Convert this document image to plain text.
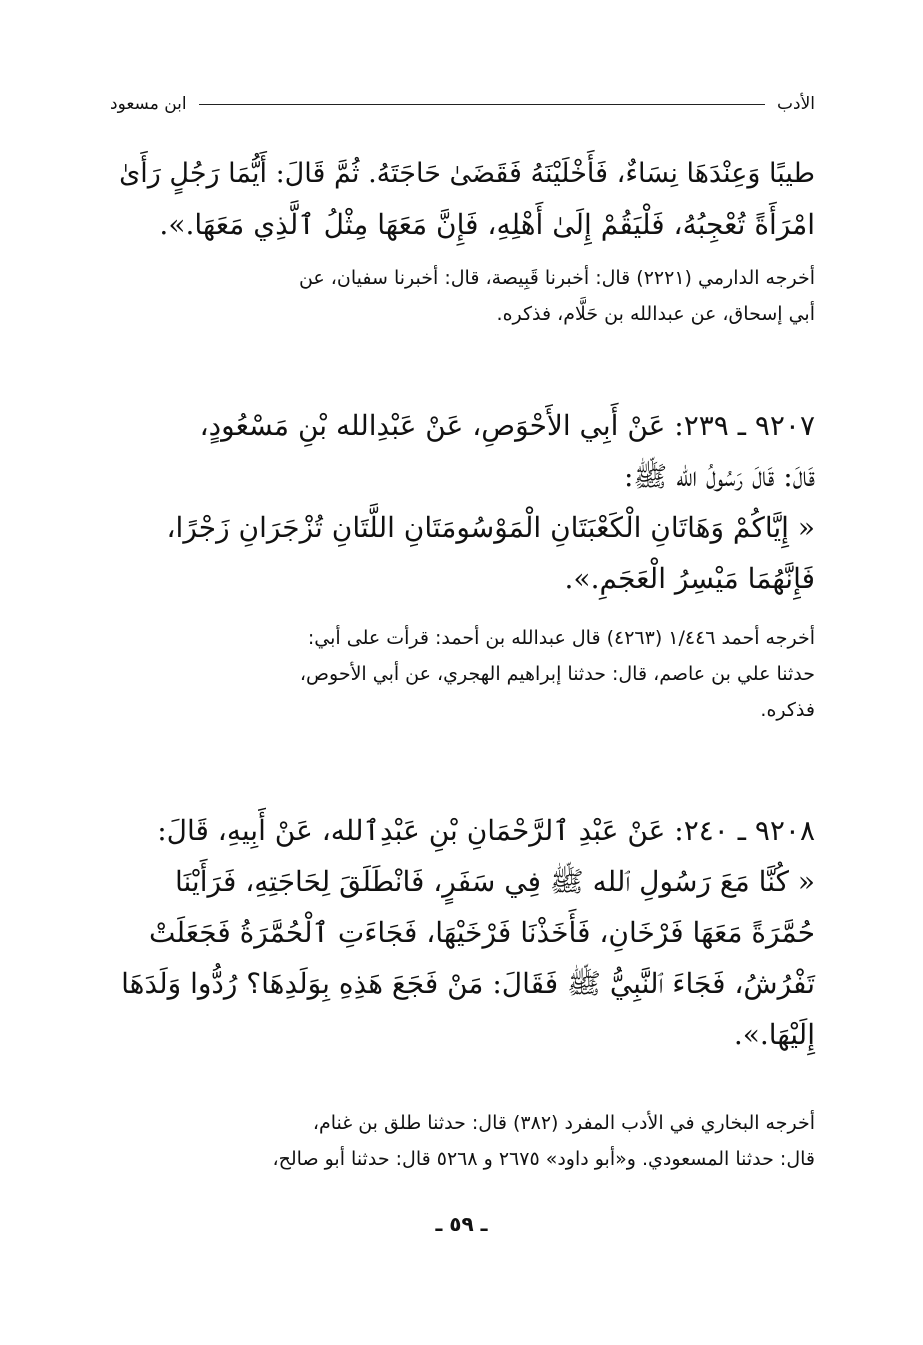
الأدب
ابن مسعود
طيبًا وَعِنْدَهَا نِسَاءٌ، فَأَخْلَيْنَهُ فَقَضَىٰ حَاجَتَهُ. ثُمَّ قَالَ: أَيُّمَا رَجُلٍ رَأَىٰ
امْرَأَةً تُعْجِبُهُ، فَلْيَقُمْ إِلَىٰ أَهْلِهِ، فَإِنَّ مَعَهَا مِثْلُ ٱلَّذِي مَعَهَا.».
أخرجه الدارمي (٢٢٢١) قال: أخبرنا قَبِيصة، قال: أخبرنا سفيان، عن
أبي إسحاق، عن عبدالله بن حَلَّام، فذكره.
٩٢٠٧ ـ ٢٣٩: عَنْ أَبِي الأَحْوَصِ، عَنْ عَبْدِالله بْنِ مَسْعُودٍ،
قَالَ: قَالَ رَسُولُ الله ﷺ:
« إِيَّاكُمْ وَهَاتَانِ الْكَعْبَتَانِ الْمَوْسُومَتَانِ اللَّتَانِ تُزْجَرَانِ زَجْرًا،
فَإِنَّهُمَا مَيْسِرُ الْعَجَمِ.».
أخرجه أحمد ١/٤٤٦ (٤٢٦٣) قال عبدالله بن أحمد: قرأت على أبي:
حدثنا علي بن عاصم، قال: حدثنا إبراهيم الهجري، عن أبي الأحوص،
فذكره.
٩٢٠٨ ـ ٢٤٠: عَنْ عَبْدِ ٱلرَّحْمَانِ بْنِ عَبْدِٱلله، عَنْ أَبِيهِ، قَالَ:
« كُنَّا مَعَ رَسُولِ ٱلله ﷺ فِي سَفَرٍ، فَانْطَلَقَ لِحَاجَتِهِ، فَرَأَيْنَا
حُمَّرَةً مَعَهَا فَرْخَانِ، فَأَخَذْنَا فَرْخَيْهَا، فَجَاءَتِ ٱلْحُمَّرَةُ فَجَعَلَتْ
تَفْرُشُ، فَجَاءَ ٱلنَّبِيُّ ﷺ فَقَالَ: مَنْ فَجَعَ هَذِهِ بِوَلَدِهَا؟ رُدُّوا وَلَدَهَا
إِلَيْهَا.».
أخرجه البخاري في الأدب المفرد (٣٨٢) قال: حدثنا طلق بن غنام،
قال: حدثنا المسعودي. و«أبو داود» ٢٦٧٥ و ٥٢٦٨ قال: حدثنا أبو صالح،
ـ ٥٩ ـ
